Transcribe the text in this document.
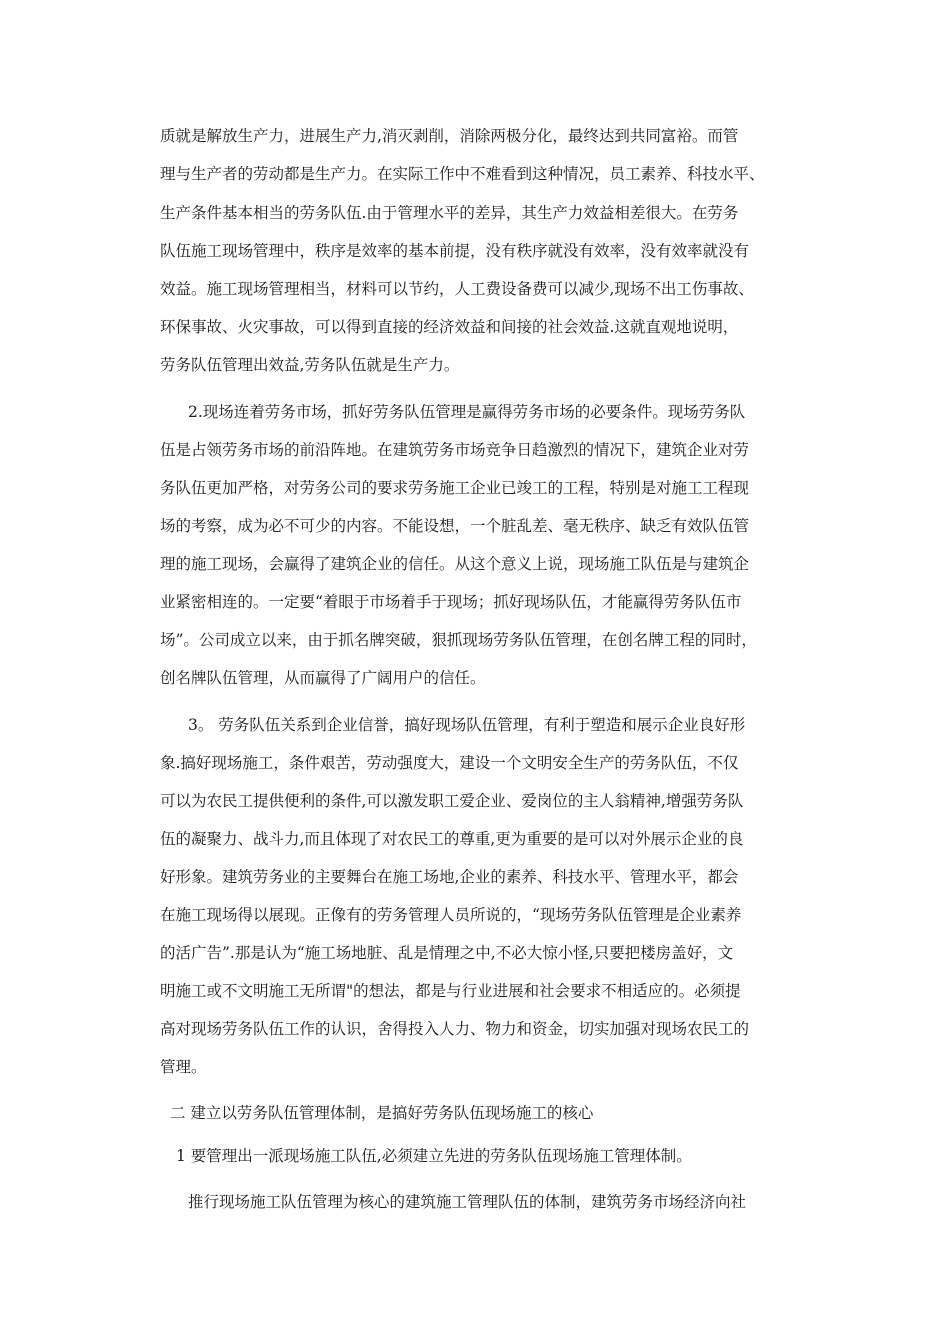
质就是解放生产力，进展生产力,消灭剥削，消除两极分化，最终达到共同富裕。而管
理与生产者的劳动都是生产力。在实际工作中不难看到这种情况，员工素养、科技水平、
生产条件基本相当的劳务队伍.由于管理水平的差异，其生产力效益相差很大。在劳务
队伍施工现场管理中，秩序是效率的基本前提，没有秩序就没有效率，没有效率就没有
效益。施工现场管理相当，材料可以节约，人工费设备费可以减少,现场不出工伤事故、
环保事故、火灾事故，可以得到直接的经济效益和间接的社会效益.这就直观地说明，
劳务队伍管理出效益,劳务队伍就是生产力。
2.现场连着劳务市场，抓好劳务队伍管理是赢得劳务市场的必要条件。现场劳务队
伍是占领劳务市场的前沿阵地。在建筑劳务市场竞争日趋激烈的情况下，建筑企业对劳
务队伍更加严格，对劳务公司的要求劳务施工企业已竣工的工程，特别是对施工工程现
场的考察，成为必不可少的内容。不能设想，一个脏乱差、毫无秩序、缺乏有效队伍管
理的施工现场，会赢得了建筑企业的信任。从这个意义上说，现场施工队伍是与建筑企
业紧密相连的。一定要“着眼于市场着手于现场；抓好现场队伍，才能赢得劳务队伍市
场”。公司成立以来，由于抓名牌突破，狠抓现场劳务队伍管理，在创名牌工程的同时，
创名牌队伍管理，从而赢得了广阔用户的信任。
3。 劳务队伍关系到企业信誉，搞好现场队伍管理，有利于塑造和展示企业良好形
象.搞好现场施工，条件艰苦，劳动强度大，建设一个文明安全生产的劳务队伍，不仅
可以为农民工提供便利的条件,可以激发职工爱企业、爱岗位的主人翁精神,增强劳务队
伍的凝聚力、战斗力,而且体现了对农民工的尊重,更为重要的是可以对外展示企业的良
好形象。建筑劳务业的主要舞台在施工场地,企业的素养、科技水平、管理水平，都会
在施工现场得以展现。正像有的劳务管理人员所说的，“现场劳务队伍管理是企业素养
的活广告”.那是认为“施工场地脏、乱是情理之中,不必大惊小怪,只要把楼房盖好，文
明施工或不文明施工无所谓"的想法，都是与行业进展和社会要求不相适应的。必须提
高对现场劳务队伍工作的认识，舍得投入人力、物力和资金，切实加强对现场农民工的
管理。
二 建立以劳务队伍管理体制，是搞好劳务队伍现场施工的核心
1 要管理出一派现场施工队伍,必须建立先进的劳务队伍现场施工管理体制。
推行现场施工队伍管理为核心的建筑施工管理队伍的体制，建筑劳务市场经济向社
